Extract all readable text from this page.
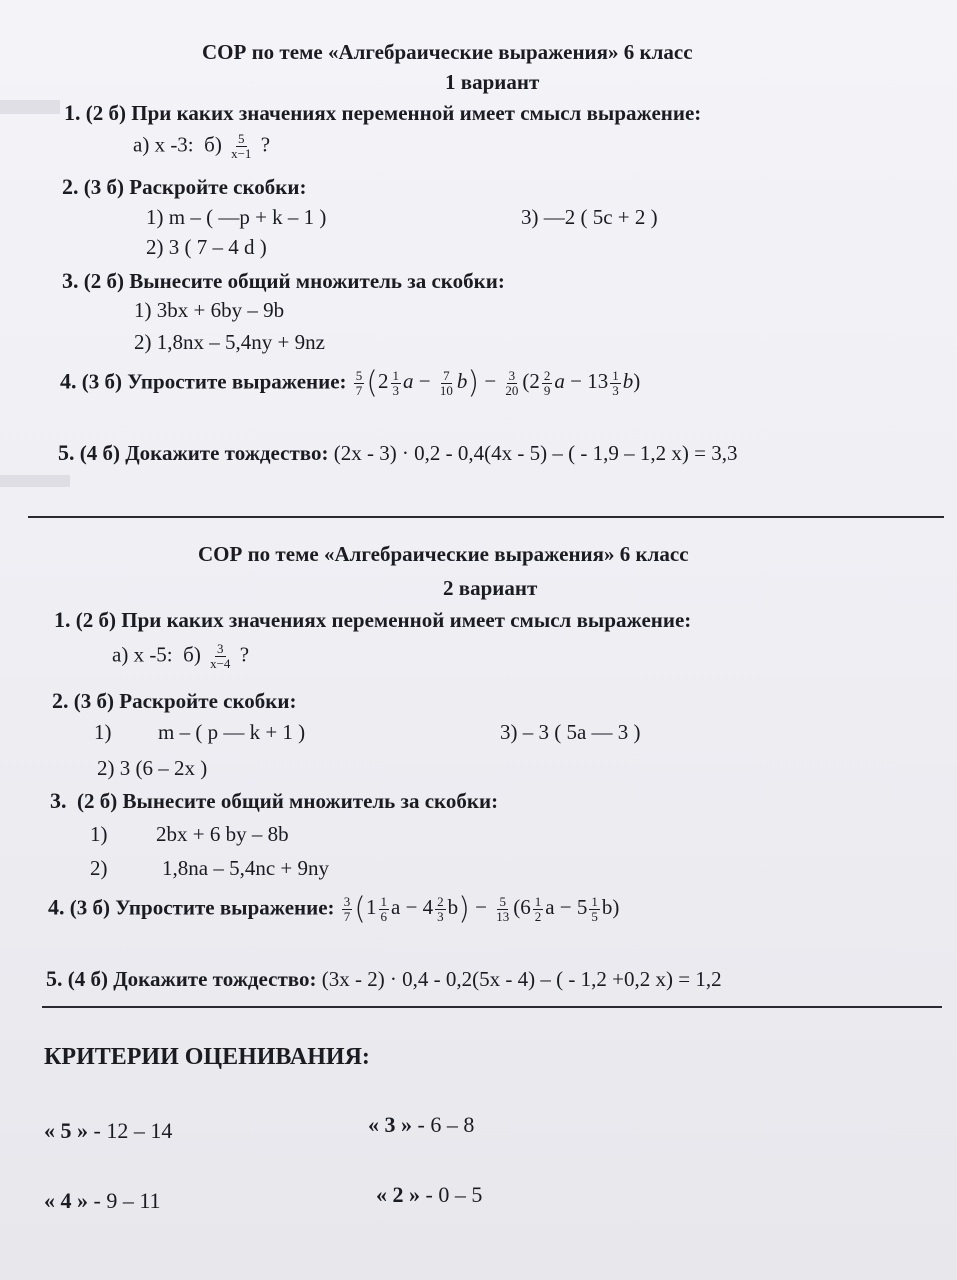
СОР по теме «Алгебраические выражения» 6 класс
1 вариант
1. (2 б) При каких значениях переменной имеет смысл выражение:
а) x -3: $б) \frac{5}{x-1}$ ?
2. (3 б) Раскройте скобки:
1) m – ( —p + k – 1 )	3) —2 ( 5c + 2 )
2) 3 ( 7 – 4 d )
3. (2 б) Вынесите общий множитель за скобки:
1) 3bx + 6by – 9b
2) 1,8nx – 5,4ny + 9nz
4. (3 б) Упростите выражение: $\frac{5}{7} (2 \frac{1}{3}$ $a - \frac{7}{10} b) - \frac{3}{20} (2 \frac{2}{9}$ $a - 13 \frac{1}{3} b$)
5. (4 б) Докажите тождество: (2x - 3) · 0,2 - 0,4(4x - 5) – ( - 1,9 – 1,2 x) = 3,3
СОР по теме «Алгебраические выражения» 6 класс
2 вариант
1. (2 б) При каких значениях переменной имеет смысл выражение:
а) x -5: $б) \frac{3}{x-4}$ ?
2. (3 б) Раскройте скобки:
1) m – ( p — k + 1 )	3) – 3 ( 5a — 3 )
2) 3 (6 – 2x )
3. (2 б) Вынесите общий множитель за скобки:
1) 2bx + 6 by – 8b
2)	1,8na – 5,4nc + 9ny
4. (3 б) Упростите выражение: $\frac{3}{7} (1 \frac{1}{6}$ $a - 4 \frac{2}{3} b) - \frac{5}{13} (6 \frac{1}{2}$ $a - 5 \frac{1}{5} b$)
5. (4 б) Докажите тождество: (3x - 2) · 0,4 - 0,2(5x - 4) – ( - 1,2 +0,2 x) = 1,2
КРИТЕРИИ ОЦЕНИВАНИЯ:
« 5 » - 12 – 14	« 3 » - 6 – 8
« 4 » - 9 – 11	« 2 » - 0 – 5
